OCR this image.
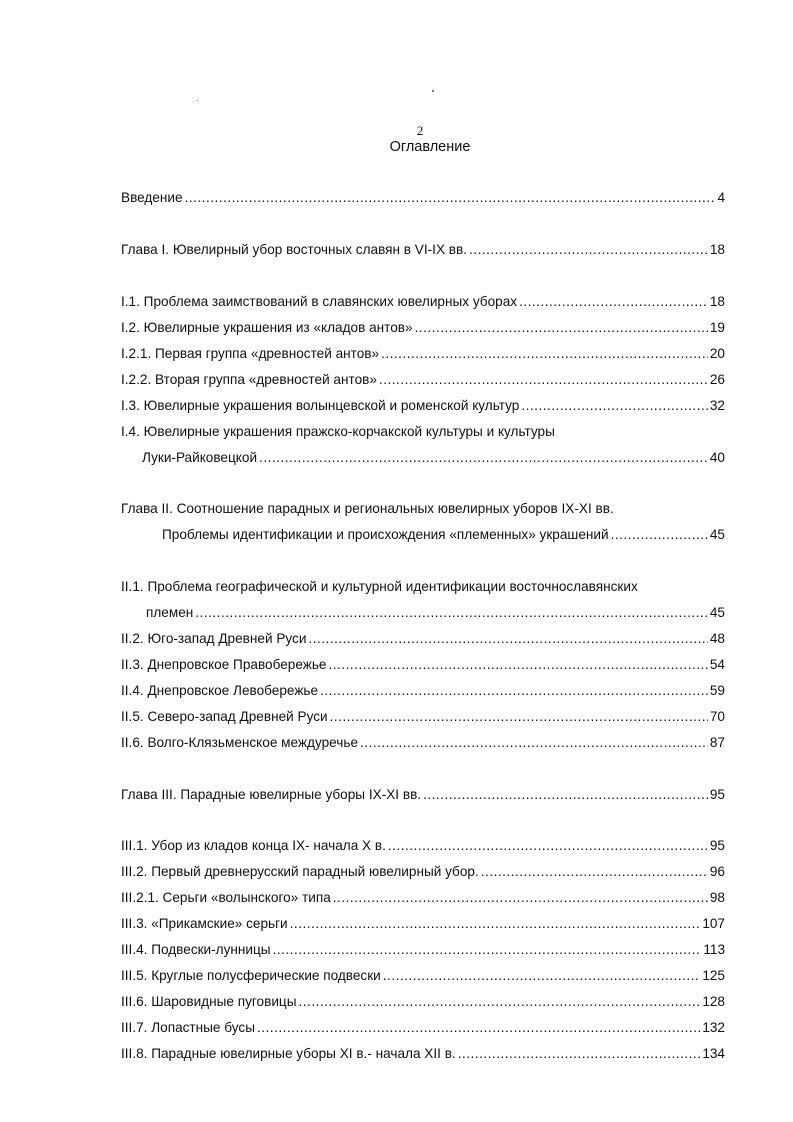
2
Оглавление
Введение .....	4
Глава I. Ювелирный убор восточных славян в VI-IX вв. .....	18
I.1. Проблема заимствований в славянских ювелирных уборах .....	18
I.2. Ювелирные украшения из «кладов антов» .....	19
I.2.1. Первая группа «древностей антов» .....	20
I.2.2. Вторая группа «древностей антов» .....	26
I.3. Ювелирные украшения волынцевской и роменской культур .....	32
I.4. Ювелирные украшения пражско-корчакской культуры и культуры
Луки-Райковецкой .....	40
Глава II. Соотношение парадных и региональных ювелирных уборов IX-XI вв.
Проблемы идентификации и происхождения «племенных» украшений .....	45
II.1. Проблема географической и культурной идентификации восточнославянских
племен .....	45
II.2. Юго-запад Древней Руси .....	48
II.3. Днепровское Правобережье .....	54
II.4. Днепровское Левобережье .....	59
II.5. Северо-запад Древней Руси .....	70
II.6. Волго-Клязьменское междуречье .....	87
Глава III. Парадные ювелирные уборы IX-XI вв. .....	95
III.1. Убор из кладов конца IX- начала X в. .....	95
III.2. Первый древнерусский парадный ювелирный убор. .....	96
III.2.1. Серьги «волынского» типа .....	98
III.3. «Прикамские» серьги .....	107
III.4. Подвески-лунницы .....	113
III.5. Круглые полусферические подвески .....	125
III.6. Шаровидные пуговицы .....	128
III.7. Лопастные бусы .....	132
III.8. Парадные ювелирные уборы XI в.- начала XII в. .....	134
